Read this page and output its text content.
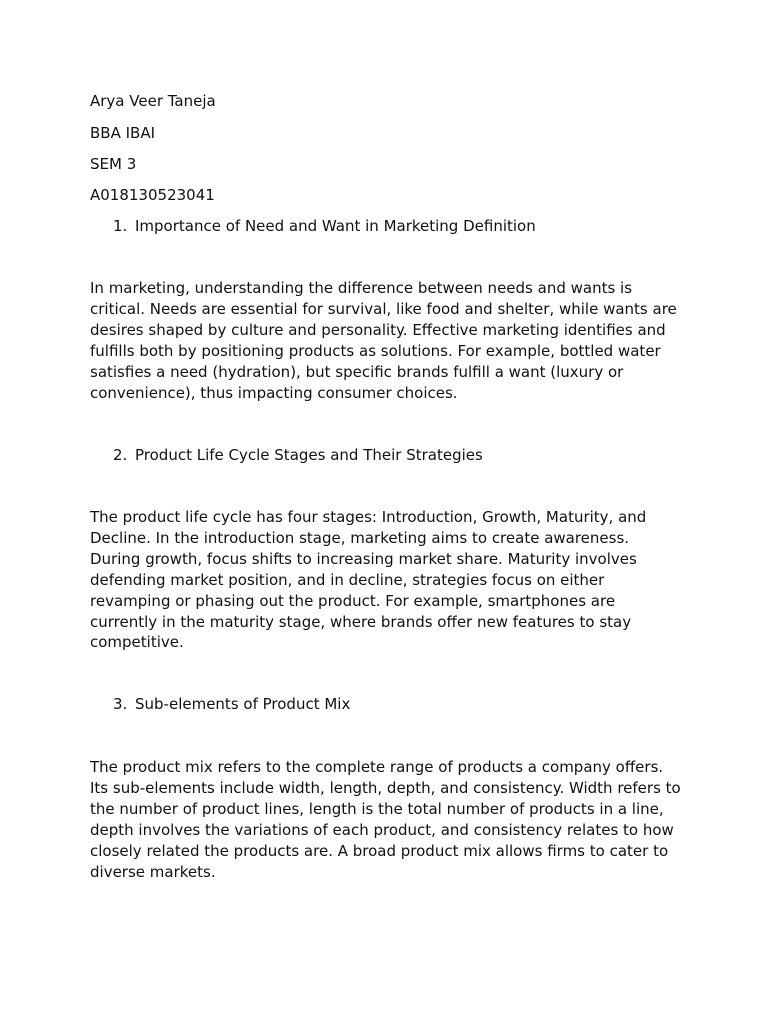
Arya Veer Taneja
BBA IBAI
SEM 3
A018130523041
1. Importance of Need and Want in Marketing Definition
In marketing, understanding the difference between needs and wants is critical. Needs are essential for survival, like food and shelter, while wants are desires shaped by culture and personality. Effective marketing identifies and fulfills both by positioning products as solutions. For example, bottled water satisfies a need (hydration), but specific brands fulfill a want (luxury or convenience), thus impacting consumer choices.
2. Product Life Cycle Stages and Their Strategies
The product life cycle has four stages: Introduction, Growth, Maturity, and Decline. In the introduction stage, marketing aims to create awareness. During growth, focus shifts to increasing market share. Maturity involves defending market position, and in decline, strategies focus on either revamping or phasing out the product. For example, smartphones are currently in the maturity stage, where brands offer new features to stay competitive.
3. Sub-elements of Product Mix
The product mix refers to the complete range of products a company offers. Its sub-elements include width, length, depth, and consistency. Width refers to the number of product lines, length is the total number of products in a line, depth involves the variations of each product, and consistency relates to how closely related the products are. A broad product mix allows firms to cater to diverse markets.
